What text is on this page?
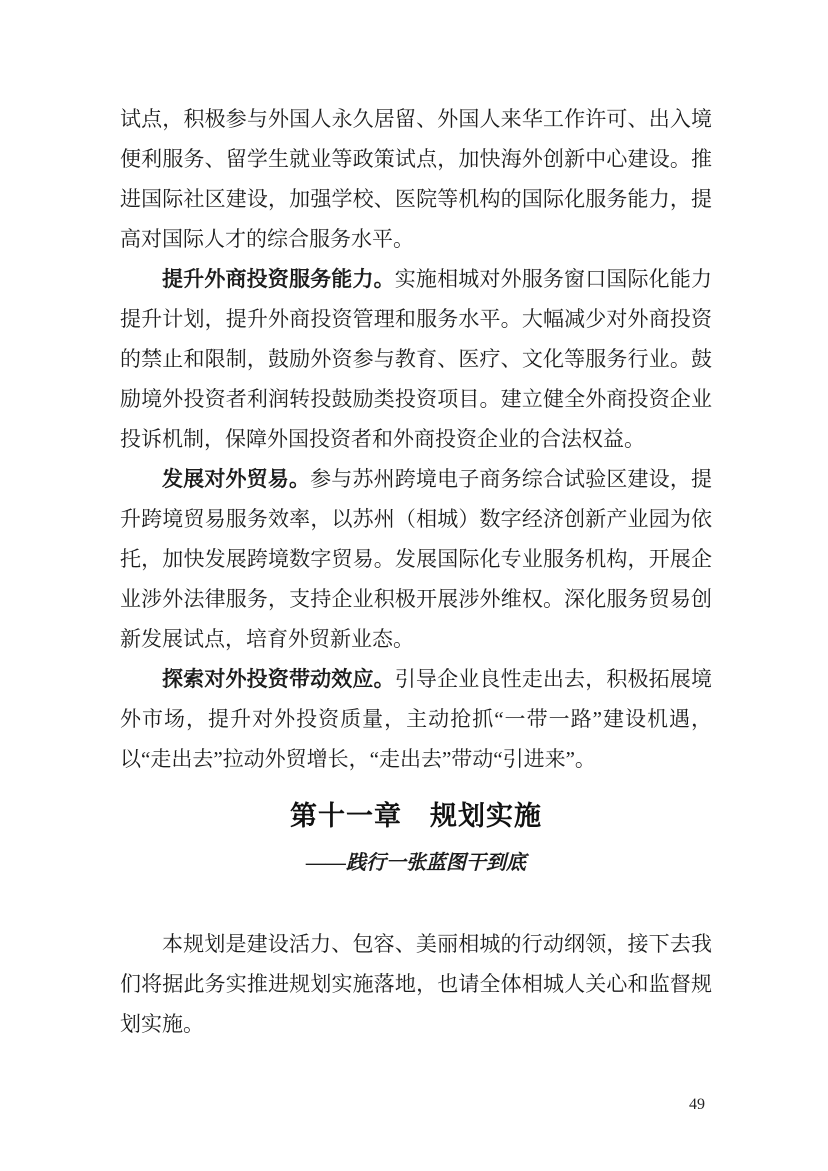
试点，积极参与外国人永久居留、外国人来华工作许可、出入境便利服务、留学生就业等政策试点，加快海外创新中心建设。推进国际社区建设，加强学校、医院等机构的国际化服务能力，提高对国际人才的综合服务水平。

提升外商投资服务能力。实施相城对外服务窗口国际化能力提升计划，提升外商投资管理和服务水平。大幅减少对外商投资的禁止和限制，鼓励外资参与教育、医疗、文化等服务行业。鼓励境外投资者利润转投鼓励类投资项目。建立健全外商投资企业投诉机制，保障外国投资者和外商投资企业的合法权益。

发展对外贸易。参与苏州跨境电子商务综合试验区建设，提升跨境贸易服务效率，以苏州（相城）数字经济创新产业园为依托，加快发展跨境数字贸易。发展国际化专业服务机构，开展企业涉外法律服务，支持企业积极开展涉外维权。深化服务贸易创新发展试点，培育外贸新业态。

探索对外投资带动效应。引导企业良性走出去，积极拓展境外市场，提升对外投资质量，主动抢抓“一带一路”建设机遇，以“走出去”拉动外贸增长，“走出去”带动“引进来”。

第十一章　规划实施
——践行一张蓝图干到底

本规划是建设活力、包容、美丽相城的行动纲领，接下去我们将据此务实推进规划实施落地，也请全体相城人关心和监督规划实施。

49
